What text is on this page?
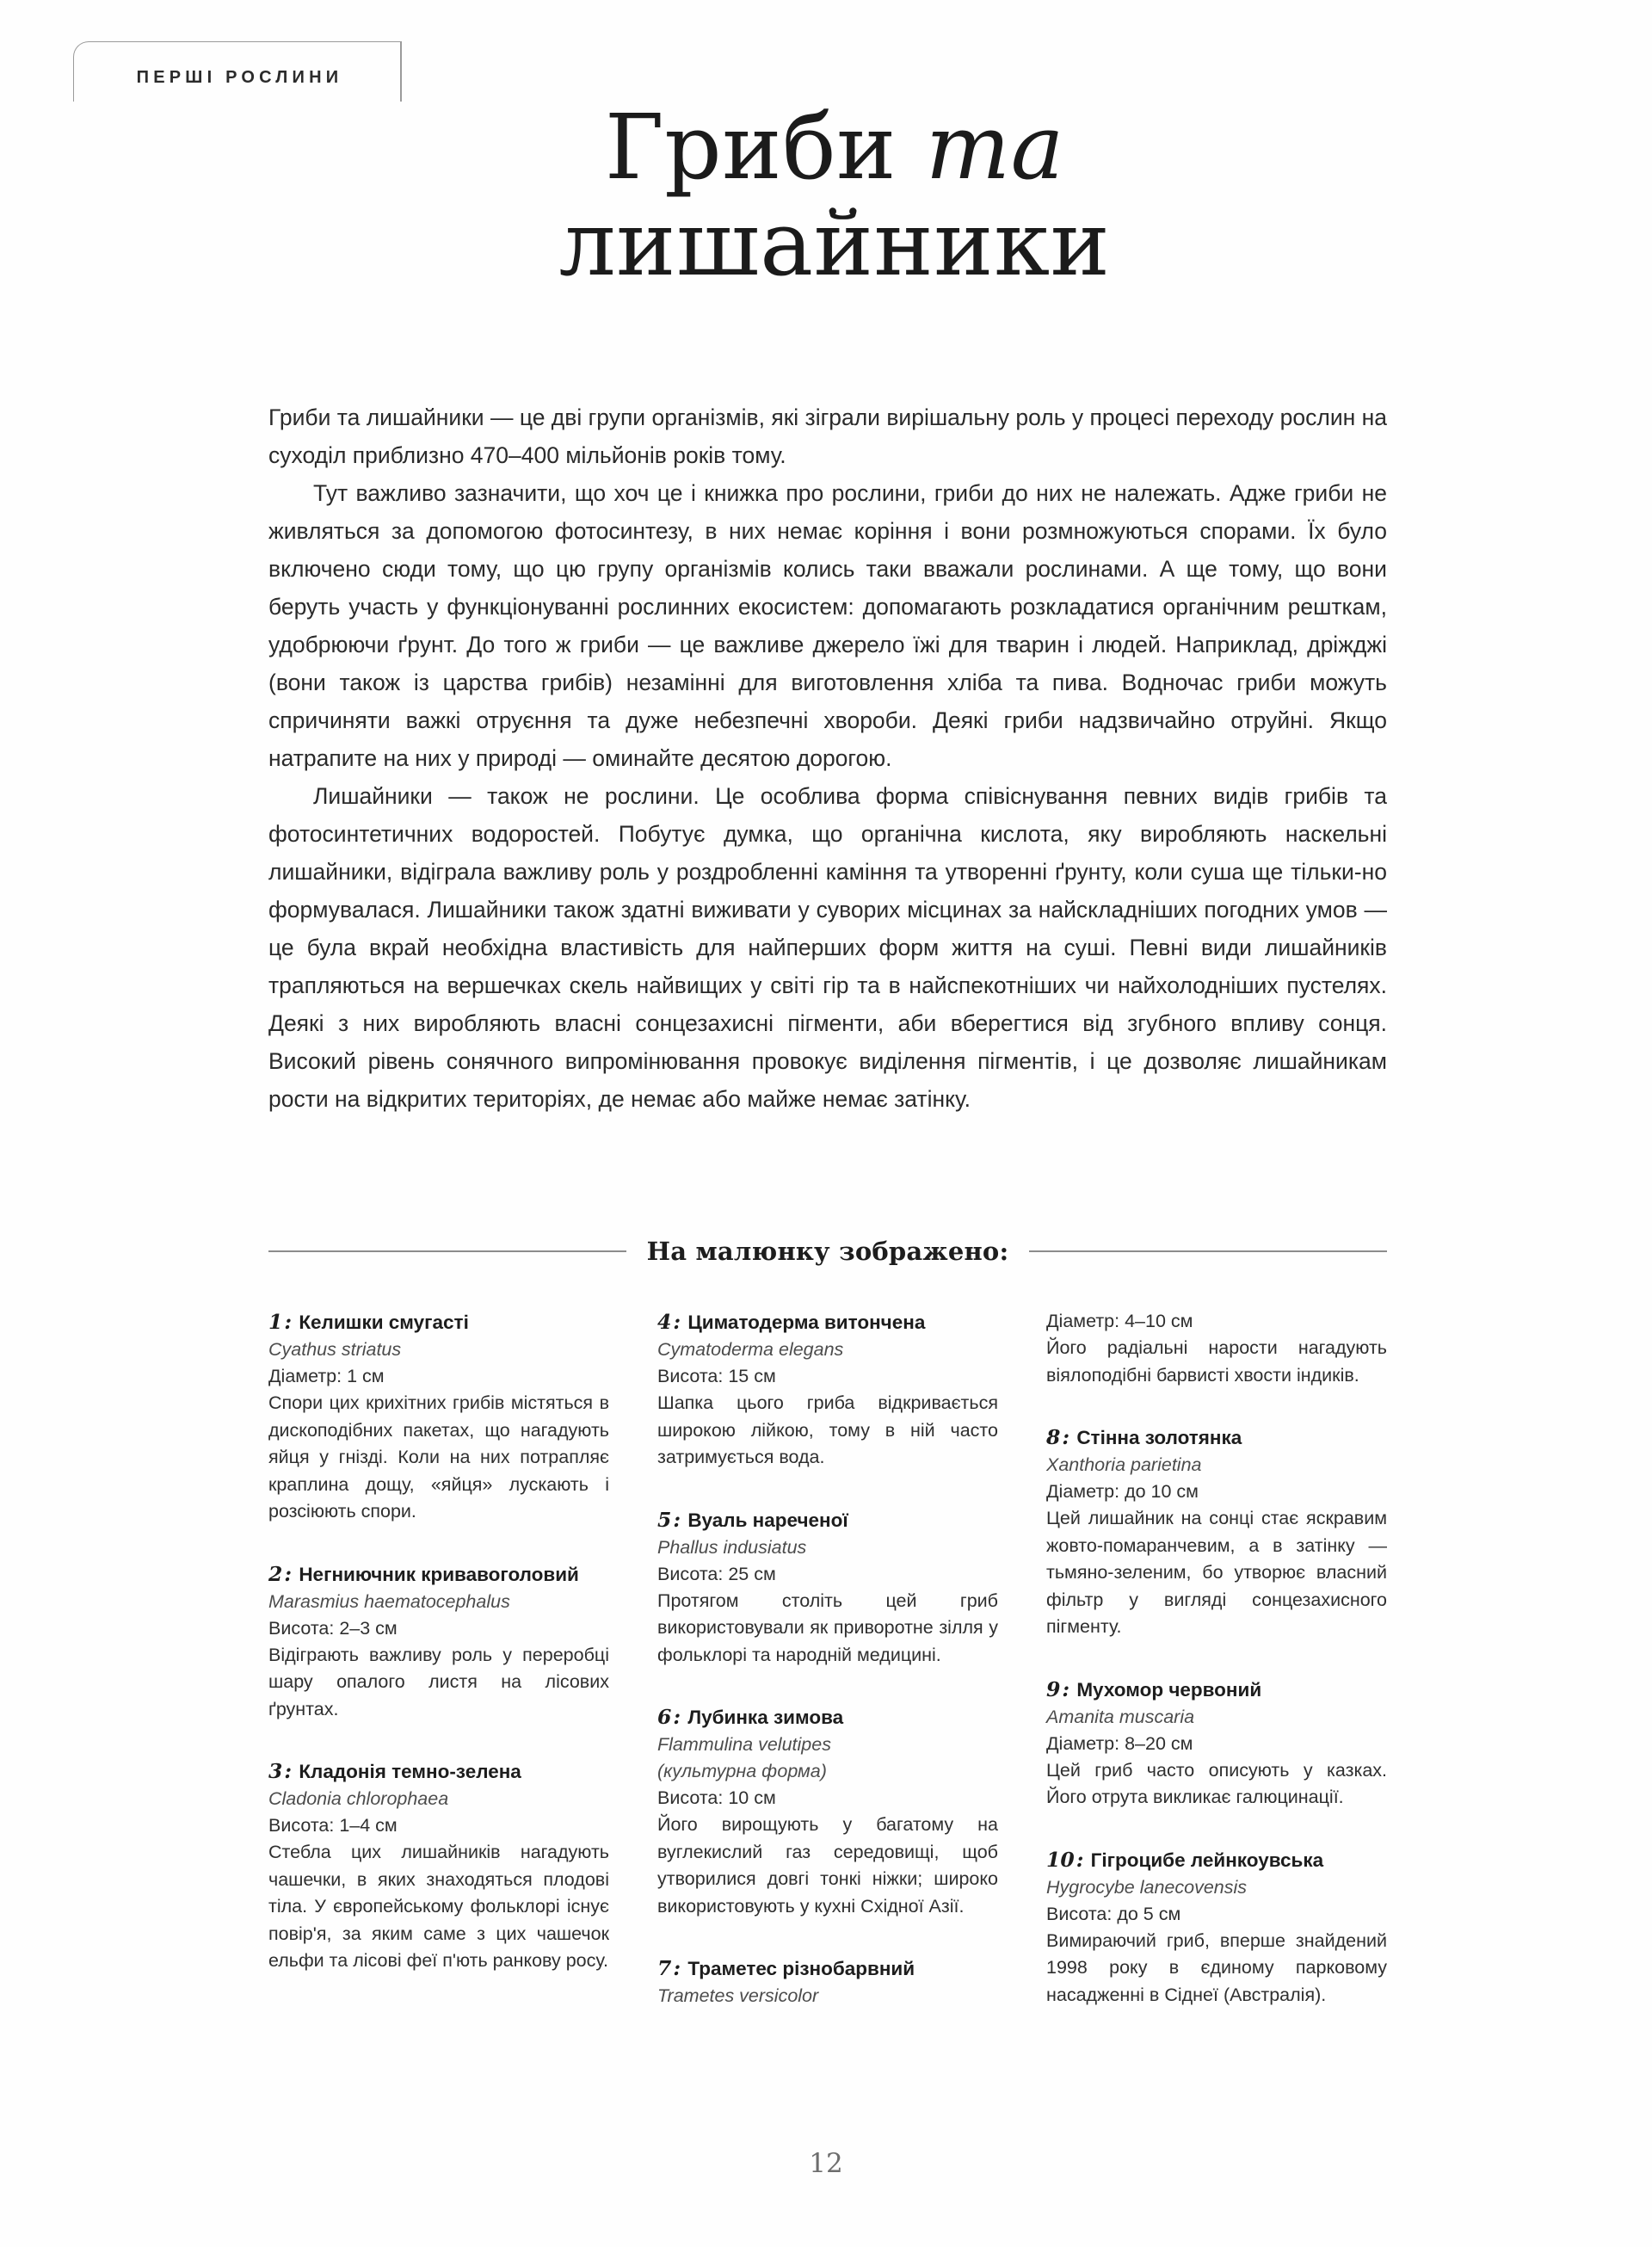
ПЕРШІ РОСЛИНИ
Гриби та
лишайники

Гриби та лишайники — це дві групи організмів, які зіграли вирішальну роль у процесі переходу рослин на суходіл приблизно 470–400 мільйонів років тому.

Тут важливо зазначити, що хоч це і книжка про рослини, гриби до них не належать. Адже гриби не живляться за допомогою фотосинтезу, в них немає коріння і вони розмножуються спорами. Їх було включено сюди тому, що цю групу організмів колись таки вважали рослинами. А ще тому, що вони беруть участь у функціонуванні рослинних екосистем: допомагають розкладатися органічним решткам, удобрюючи ґрунт. До того ж гриби — це важливе джерело їжі для тварин і людей. Наприклад, дріжджі (вони також із царства грибів) незамінні для виготовлення хліба та пива. Водночас гриби можуть спричиняти важкі отруєння та дуже небезпечні хвороби. Деякі гриби надзвичайно отруйні. Якщо натрапите на них у природі — оминайте десятою дорогою.

Лишайники — також не рослини. Це особлива форма співіснування певних видів грибів та фотосинтетичних водоростей. Побутує думка, що органічна кислота, яку виробляють наскельні лишайники, відіграла важливу роль у роздробленні каміння та утворенні ґрунту, коли суша ще тільки-но формувалася. Лишайники також здатні виживати у суворих місцинах за найскладніших погодних умов — це була вкрай необхідна властивість для найперших форм життя на суші. Певні види лишайників трапляються на вершечках скель найвищих у світі гір та в найспекотніших чи найхолодніших пустелях. Деякі з них виробляють власні сонцезахисні пігменти, аби вберегтися від згубного впливу сонця. Високий рівень сонячного випромінювання провокує виділення пігментів, і це дозволяє лишайникам рости на відкритих територіях, де немає або майже немає затінку.

На малюнку зображено:
1: Келишки смугасті
Cyathus striatus
Діаметр: 1 см
Спори цих крихітних грибів містяться в дископодібних пакетах, що нагадують яйця у гнізді. Коли на них потрапляє краплина дощу, «яйця» лускають і розсіюють спори.
2: Негниючник кривавоголовий
Marasmius haematocephalus
Висота: 2–3 см
Відіграють важливу роль у переробці шару опалого листя на лісових ґрунтах.
3: Кладонія темно-зелена
Cladonia chlorophaea
Висота: 1–4 см
Стебла цих лишайників нагадують чашечки, в яких знаходяться плодові тіла. У європейському фольклорі існує повір'я, за яким саме з цих чашечок ельфи та лісові феї п'ють ранкову росу.
4: Циматодерма витончена
Cymatoderma elegans
Висота: 15 см
Шапка цього гриба відкривається широкою лійкою, тому в ній часто затримується вода.
5: Вуаль нареченої
Phallus indusiatus
Висота: 25 см
Протягом століть цей гриб використовували як приворотне зілля у фольклорі та народній медицині.
6: Лубинка зимова
Flammulina velutipes
(культурна форма)
Висота: 10 см
Його вирощують у багатому на вуглекислий газ середовищі, щоб утворилися довгі тонкі ніжки; широко використовують у кухні Східної Азії.
7: Траметес різнобарвний
Trametes versicolor
Діаметр: 4–10 см
Його радіальні нарости нагадують віялоподібні барвисті хвости індиків.
8: Стінна золотянка
Xanthoria parietina
Діаметр: до 10 см
Цей лишайник на сонці стає яскравим жовто-помаранчевим, а в затінку — тьмяно-зеленим, бо утворює власний фільтр у вигляді сонцезахисного пігменту.
9: Мухомор червоний
Amanita muscaria
Діаметр: 8–20 см
Цей гриб часто описують у казках. Його отрута викликає галюцинації.
10: Гігроцибе лейнкоувська
Hygrocybe lanecovensis
Висота: до 5 см
Вимираючий гриб, вперше знайдений 1998 року в єдиному парковому насадженні в Сіднеї (Австралія).
12
